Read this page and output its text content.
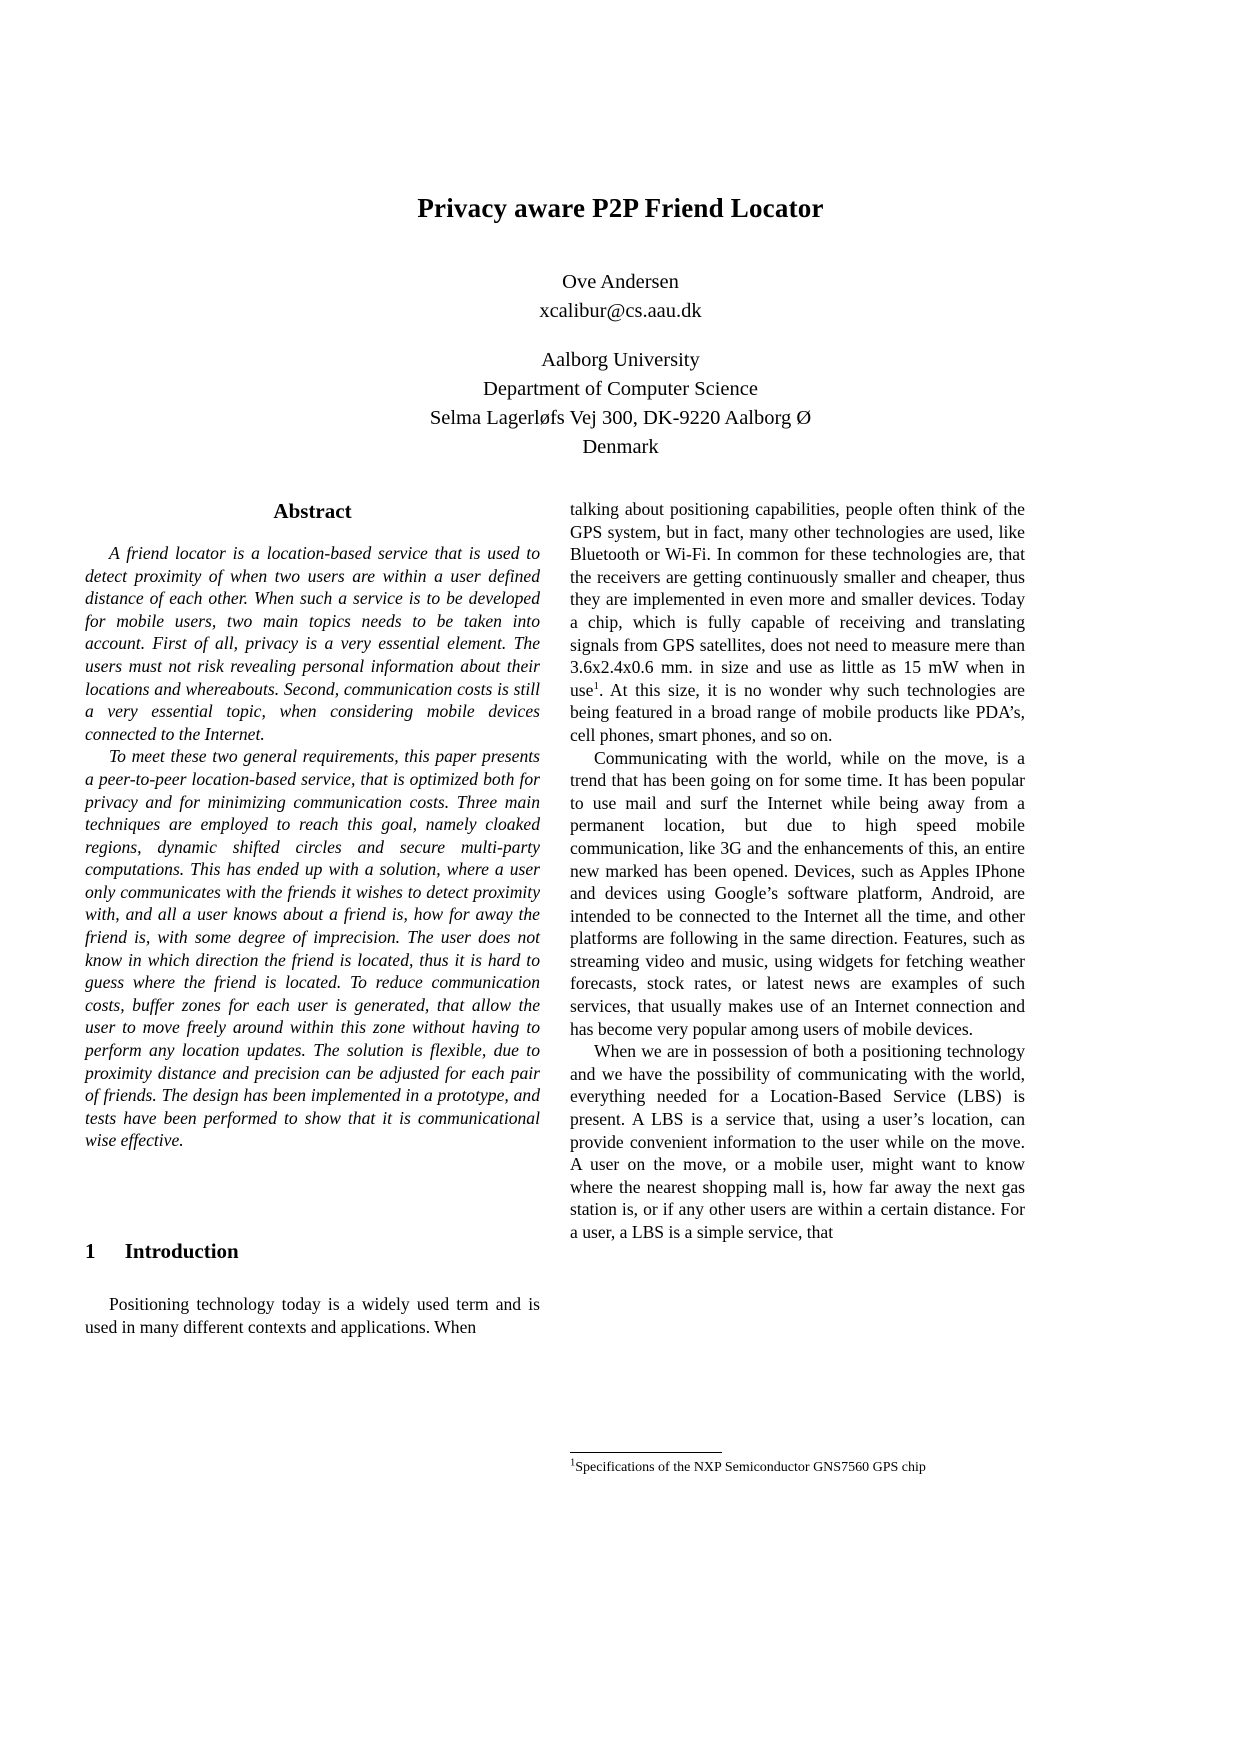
Privacy aware P2P Friend Locator
Ove Andersen
xcalibur@cs.aau.dk
Aalborg University
Department of Computer Science
Selma Lagerløfs Vej 300, DK-9220 Aalborg Ø
Denmark
Abstract

A friend locator is a location-based service that is used to detect proximity of when two users are within a user defined distance of each other. When such a service is to be developed for mobile users, two main topics needs to be taken into account. First of all, privacy is a very essential element. The users must not risk revealing personal information about their locations and whereabouts. Second, communication costs is still a very essential topic, when considering mobile devices connected to the Internet.

To meet these two general requirements, this paper presents a peer-to-peer location-based service, that is optimized both for privacy and for minimizing communication costs. Three main techniques are employed to reach this goal, namely cloaked regions, dynamic shifted circles and secure multi-party computations. This has ended up with a solution, where a user only communicates with the friends it wishes to detect proximity with, and all a user knows about a friend is, how for away the friend is, with some degree of imprecision. The user does not know in which direction the friend is located, thus it is hard to guess where the friend is located. To reduce communication costs, buffer zones for each user is generated, that allow the user to move freely around within this zone without having to perform any location updates. The solution is flexible, due to proximity distance and precision can be adjusted for each pair of friends. The design has been implemented in a prototype, and tests have been performed to show that it is communicational wise effective.

1 Introduction

Positioning technology today is a widely used term and is used in many different contexts and applications. When

talking about positioning capabilities, people often think of the GPS system, but in fact, many other technologies are used, like Bluetooth or Wi-Fi. In common for these technologies are, that the receivers are getting continuously smaller and cheaper, thus they are implemented in even more and smaller devices. Today a chip, which is fully capable of receiving and translating signals from GPS satellites, does not need to measure mere than 3.6x2.4x0.6 mm. in size and use as little as 15 mW when in use$^1$. At this size, it is no wonder why such technologies are being featured in a broad range of mobile products like PDA’s, cell phones, smart phones, and so on.

Communicating with the world, while on the move, is a trend that has been going on for some time. It has been popular to use mail and surf the Internet while being away from a permanent location, but due to high speed mobile communication, like 3G and the enhancements of this, an entire new marked has been opened. Devices, such as Apples IPhone and devices using Google’s software platform, Android, are intended to be connected to the Internet all the time, and other platforms are following in the same direction. Features, such as streaming video and music, using widgets for fetching weather forecasts, stock rates, or latest news are examples of such services, that usually makes use of an Internet connection and has become very popular among users of mobile devices.

When we are in possession of both a positioning technology and we have the possibility of communicating with the world, everything needed for a Location-Based Service (LBS) is present. A LBS is a service that, using a user’s location, can provide convenient information to the user while on the move. A user on the move, or a mobile user, might want to know where the nearest shopping mall is, how far away the next gas station is, or if any other users are within a certain distance. For a user, a LBS is a simple service, that

$^1$Specifications of the NXP Semiconductor GNS7560 GPS chip
